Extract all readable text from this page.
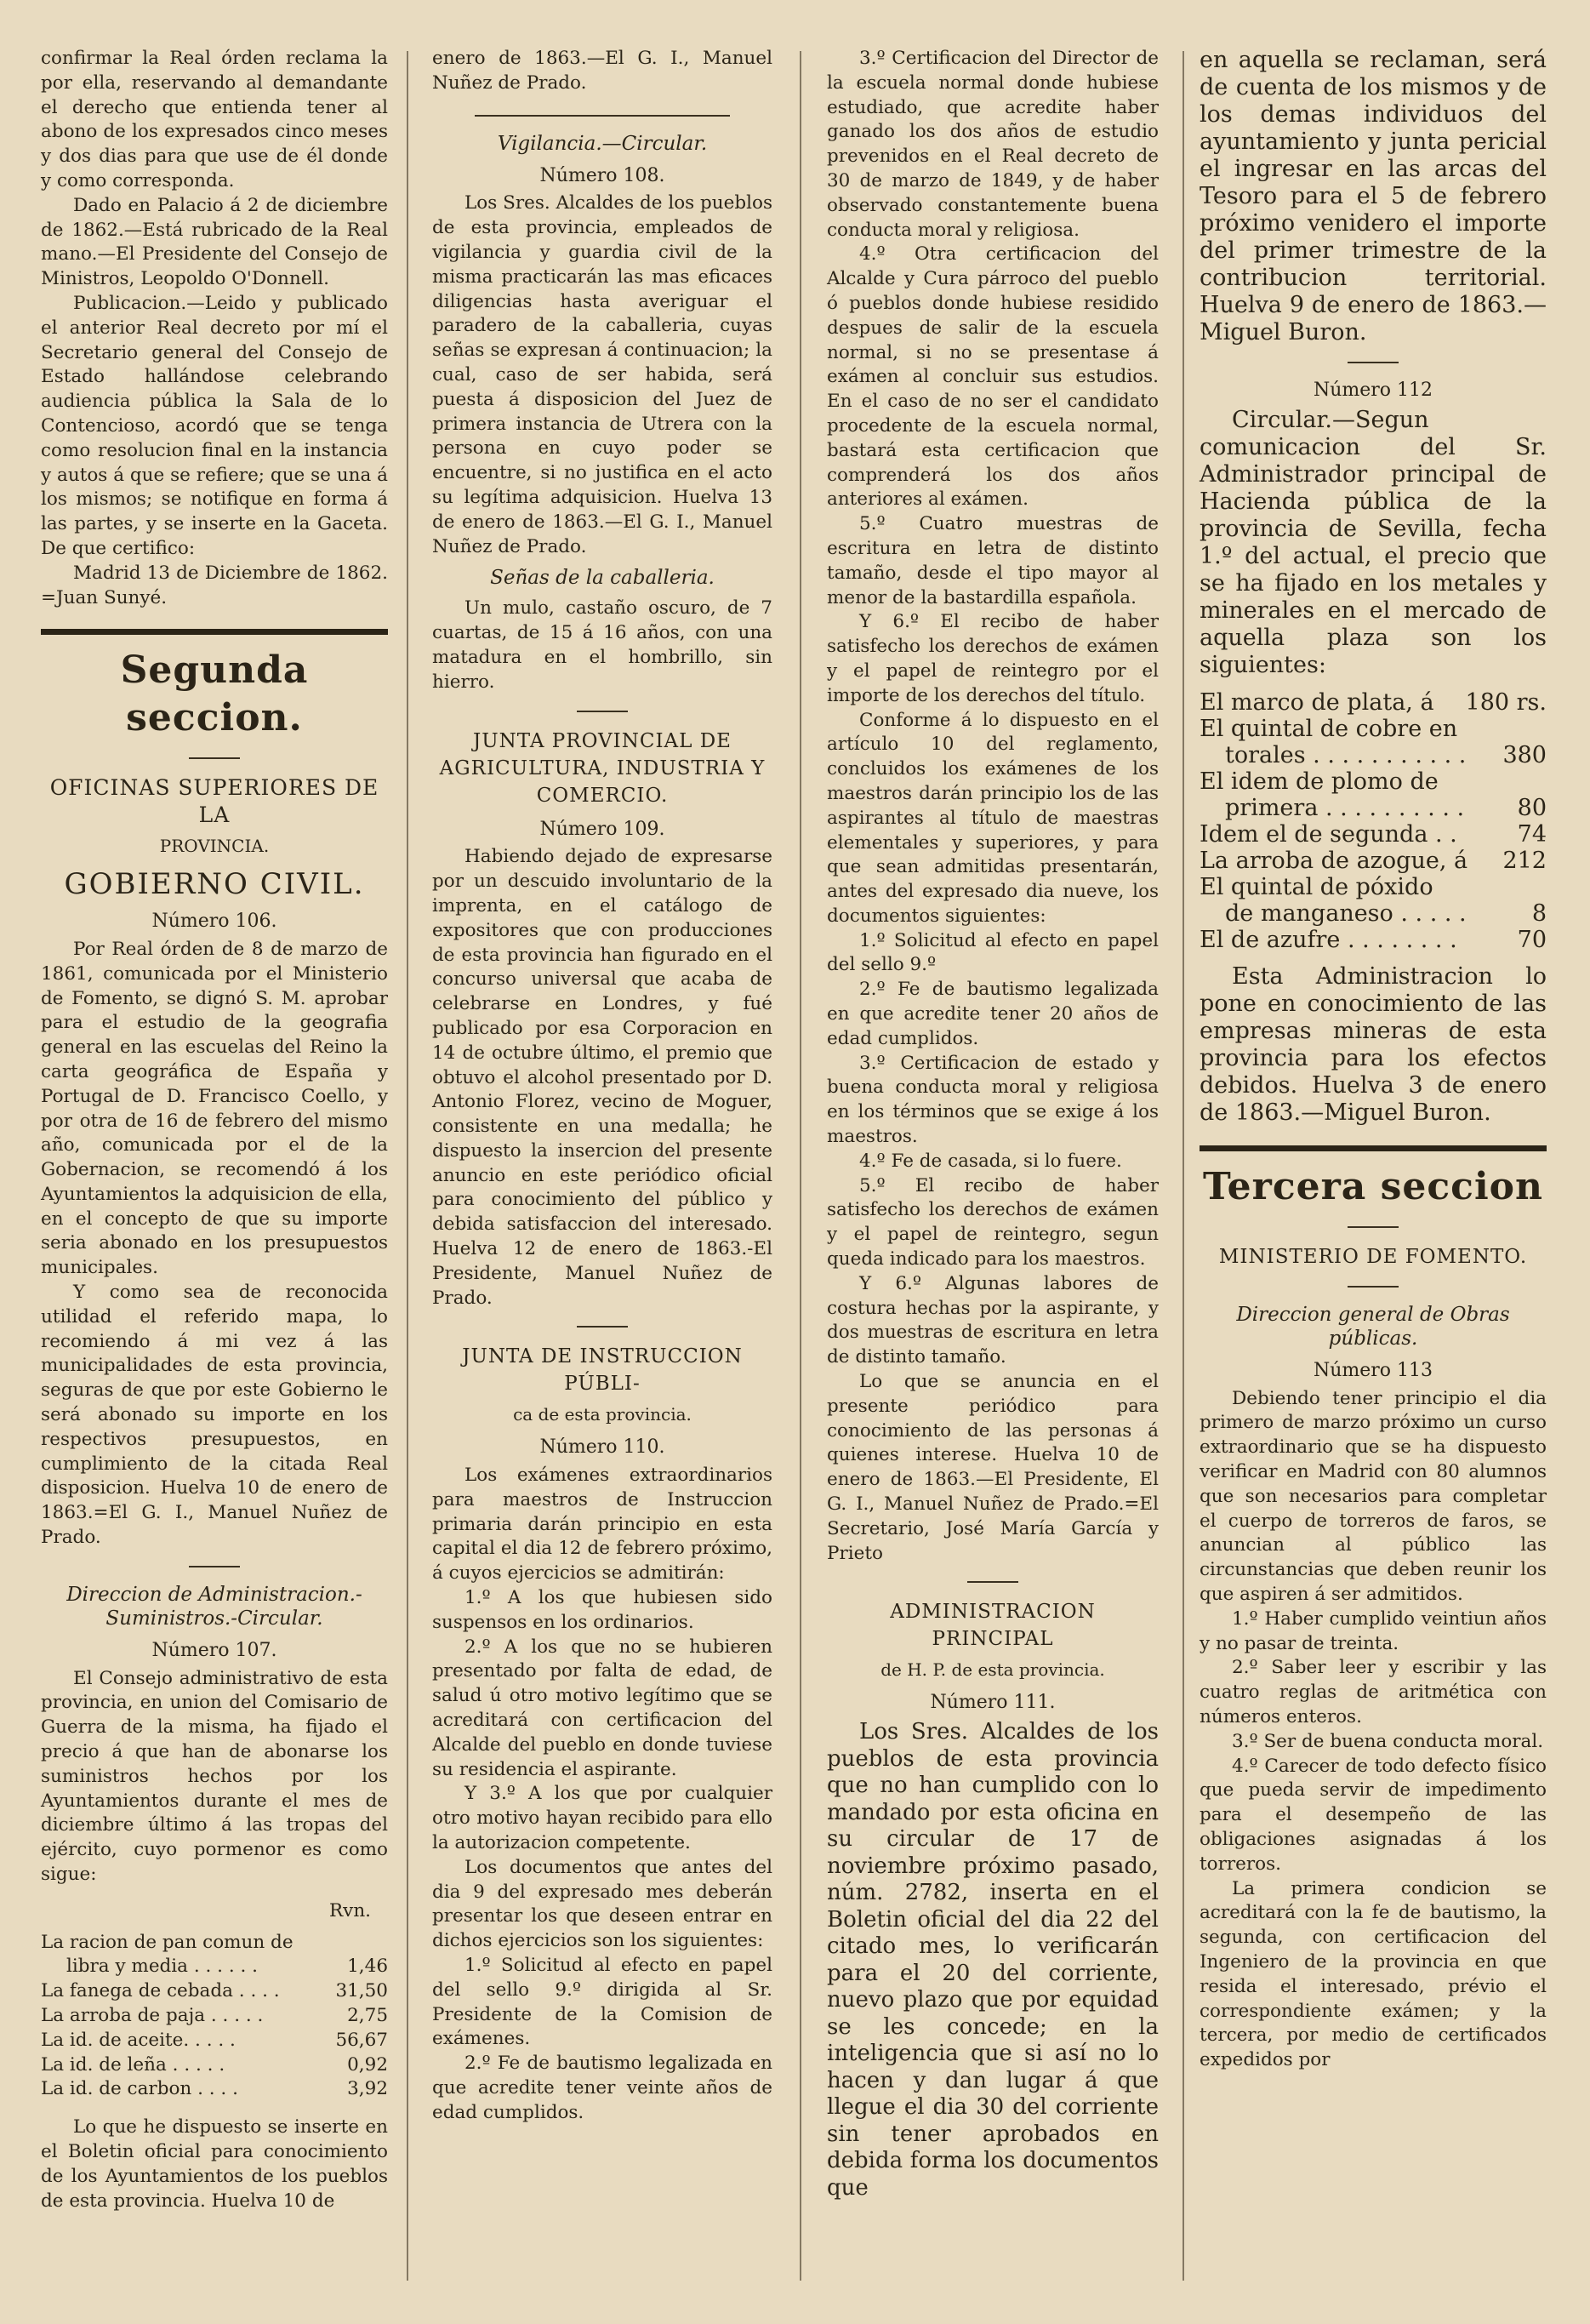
confirmar la Real órden reclama la por ella, reservando al demandante el derecho que entienda tener al abono de los expresados cinco meses y dos dias para que use de él donde y como corresponda.

Dado en Palacio á 2 de diciembre de 1862.—Está rubricado de la Real mano.—El Presidente del Consejo de Ministros, Leopoldo O'Donnell.

Publicacion.—Leido y publicado el anterior Real decreto por mí el Secretario general del Consejo de Estado hallándose celebrando audiencia pública la Sala de lo Contencioso, acordó que se tenga como resolucion final en la instancia y autos á que se refiere; que se una á los mismos; se notifique en forma á las partes, y se inserte en la Gaceta. De que certifico:

Madrid 13 de Diciembre de 1862. =Juan Sunyé.

Segunda seccion.
OFICINAS SUPERIORES DE LA
PROVINCIA.
GOBIERNO CIVIL.
Número 106.

Por Real órden de 8 de marzo de 1861, comunicada por el Ministerio de Fomento, se dignó S. M. aprobar para el estudio de la geografia general en las escuelas del Reino la carta geográfica de España y Portugal de D. Francisco Coello, y por otra de 16 de febrero del mismo año, comunicada por el de la Gobernacion, se recomendó á los Ayuntamientos la adquisicion de ella, en el concepto de que su importe seria abonado en los presupuestos municipales.

Y como sea de reconocida utilidad el referido mapa, lo recomiendo á mi vez á las municipalidades de esta provincia, seguras de que por este Gobierno le será abonado su importe en los respectivos presupuestos, en cumplimiento de la citada Real disposicion. Huelva 10 de enero de 1863.=El G. I., Manuel Nuñez de Prado.

Direccion de Administracion.-Suministros.-Circular.
Número 107.

El Consejo administrativo de esta provincia, en union del Comisario de Guerra de la misma, ha fijado el precio á que han de abonarse los suministros hechos por los Ayuntamientos durante el mes de diciembre último á las tropas del ejército, cuyo pormenor es como sigue:

Rvn.
La racion de pan comun de
libra y media . . . . . .	1,46
La fanega de cebada . . . .	31,50
La arroba de paja . . . . .	2,75
La id. de aceite. . . . .	56,67
La id. de leña . . . . .	0,92
La id. de carbon . . . .	3,92

Lo que he dispuesto se inserte en el Boletin oficial para conocimiento de los Ayuntamientos de los pueblos de esta provincia. Huelva 10 de

enero de 1863.—El G. I., Manuel Nuñez de Prado.

Vigilancia.—Circular.
Número 108.

Los Sres. Alcaldes de los pueblos de esta provincia, empleados de vigilancia y guardia civil de la misma practicarán las mas eficaces diligencias hasta averiguar el paradero de la caballeria, cuyas señas se expresan á continuacion; la cual, caso de ser habida, será puesta á disposicion del Juez de primera instancia de Utrera con la persona en cuyo poder se encuentre, si no justifica en el acto su legítima adquisicion. Huelva 13 de enero de 1863.—El G. I., Manuel Nuñez de Prado.

Señas de la caballeria.

Un mulo, castaño oscuro, de 7 cuartas, de 15 á 16 años, con una matadura en el hombrillo, sin hierro.

JUNTA PROVINCIAL DE AGRICULTURA, INDUSTRIA Y COMERCIO.
Número 109.

Habiendo dejado de expresarse por un descuido involuntario de la imprenta, en el catálogo de expositores que con producciones de esta provincia han figurado en el concurso universal que acaba de celebrarse en Londres, y fué publicado por esa Corporacion en 14 de octubre último, el premio que obtuvo el alcohol presentado por D. Antonio Florez, vecino de Moguer, consistente en una medalla; he dispuesto la insercion del presente anuncio en este periódico oficial para conocimiento del público y debida satisfaccion del interesado. Huelva 12 de enero de 1863.-El Presidente, Manuel Nuñez de Prado.

JUNTA DE INSTRUCCION PÚBLI-
ca de esta provincia.
Número 110.

Los exámenes extraordinarios para maestros de Instruccion primaria darán principio en esta capital el dia 12 de febrero próximo, á cuyos ejercicios se admitirán:

1.º A los que hubiesen sido suspensos en los ordinarios.

2.º A los que no se hubieren presentado por falta de edad, de salud ú otro motivo legítimo que se acreditará con certificacion del Alcalde del pueblo en donde tuviese su residencia el aspirante.

Y 3.º A los que por cualquier otro motivo hayan recibido para ello la autorizacion competente.

Los documentos que antes del dia 9 del expresado mes deberán presentar los que deseen entrar en dichos ejercicios son los siguientes:

1.º Solicitud al efecto en papel del sello 9.º dirigida al Sr. Presidente de la Comision de exámenes.

2.º Fe de bautismo legalizada en que acredite tener veinte años de edad cumplidos.

3.º Certificacion del Director de la escuela normal donde hubiese estudiado, que acredite haber ganado los dos años de estudio prevenidos en el Real decreto de 30 de marzo de 1849, y de haber observado constantemente buena conducta moral y religiosa.

4.º Otra certificacion del Alcalde y Cura párroco del pueblo ó pueblos donde hubiese residido despues de salir de la escuela normal, si no se presentase á exámen al concluir sus estudios. En el caso de no ser el candidato procedente de la escuela normal, bastará esta certificacion que comprenderá los dos años anteriores al exámen.

5.º Cuatro muestras de escritura en letra de distinto tamaño, desde el tipo mayor al menor de la bastardilla española.

Y 6.º El recibo de haber satisfecho los derechos de exámen y el papel de reintegro por el importe de los derechos del título.

Conforme á lo dispuesto en el artículo 10 del reglamento, concluidos los exámenes de los maestros darán principio los de las aspirantes al título de maestras elementales y superiores, y para que sean admitidas presentarán, antes del expresado dia nueve, los documentos siguientes:

1.º Solicitud al efecto en papel del sello 9.º

2.º Fe de bautismo legalizada en que acredite tener 20 años de edad cumplidos.

3.º Certificacion de estado y buena conducta moral y religiosa en los términos que se exige á los maestros.

4.º Fe de casada, si lo fuere.

5.º El recibo de haber satisfecho los derechos de exámen y el papel de reintegro, segun queda indicado para los maestros.

Y 6.º Algunas labores de costura hechas por la aspirante, y dos muestras de escritura en letra de distinto tamaño.

Lo que se anuncia en el presente periódico para conocimiento de las personas á quienes interese. Huelva 10 de enero de 1863.—El Presidente, El G. I., Manuel Nuñez de Prado.=El Secretario, José María García y Prieto

ADMINISTRACION PRINCIPAL
de H. P. de esta provincia.
Número 111.

Los Sres. Alcaldes de los pueblos de esta provincia que no han cumplido con lo mandado por esta oficina en su circular de 17 de noviembre próximo pasado, núm. 2782, inserta en el Boletin oficial del dia 22 del citado mes, lo verificarán para el 20 del corriente, nuevo plazo que por equidad se les concede; en la inteligencia que si así no lo hacen y dan lugar á que llegue el dia 30 del corriente sin tener aprobados en debida forma los documentos que

en aquella se reclaman, será de cuenta de los mismos y de los demas individuos del ayuntamiento y junta pericial el ingresar en las arcas del Tesoro para el 5 de febrero próximo venidero el importe del primer trimestre de la contribucion territorial. Huelva 9 de enero de 1863.—Miguel Buron.

Número 112

Circular.—Segun comunicacion del Sr. Administrador principal de Hacienda pública de la provincia de Sevilla, fecha 1.º del actual, el precio que se ha fijado en los metales y minerales en el mercado de aquella plaza son los siguientes:

El marco de plata, á	180 rs.
El quintal de cobre en
torales . . . . . . . . . . .	380
El idem de plomo de
primera . . . . . . . . . .	80
Idem el de segunda . .	74
La arroba de azogue, á	212
El quintal de póxido
de manganeso . . . . .	8
El de azufre . . . . . . . .	70

Esta Administracion lo pone en conocimiento de las empresas mineras de esta provincia para los efectos debidos. Huelva 3 de enero de 1863.—Miguel Buron.

Tercera seccion
MINISTERIO DE FOMENTO.
Direccion general de Obras públicas.
Número 113

Debiendo tener principio el dia primero de marzo próximo un curso extraordinario que se ha dispuesto verificar en Madrid con 80 alumnos que son necesarios para completar el cuerpo de torreros de faros, se anuncian al público las circunstancias que deben reunir los que aspiren á ser admitidos.

1.º Haber cumplido veintiun años y no pasar de treinta.

2.º Saber leer y escribir y las cuatro reglas de aritmética con números enteros.

3.º Ser de buena conducta moral.

4.º Carecer de todo defecto físico que pueda servir de impedimento para el desempeño de las obligaciones asignadas á los torreros.

La primera condicion se acreditará con la fe de bautismo, la segunda, con certificacion del Ingeniero de la provincia en que resida el interesado, prévio el correspondiente exámen; y la tercera, por medio de certificados expedidos por
